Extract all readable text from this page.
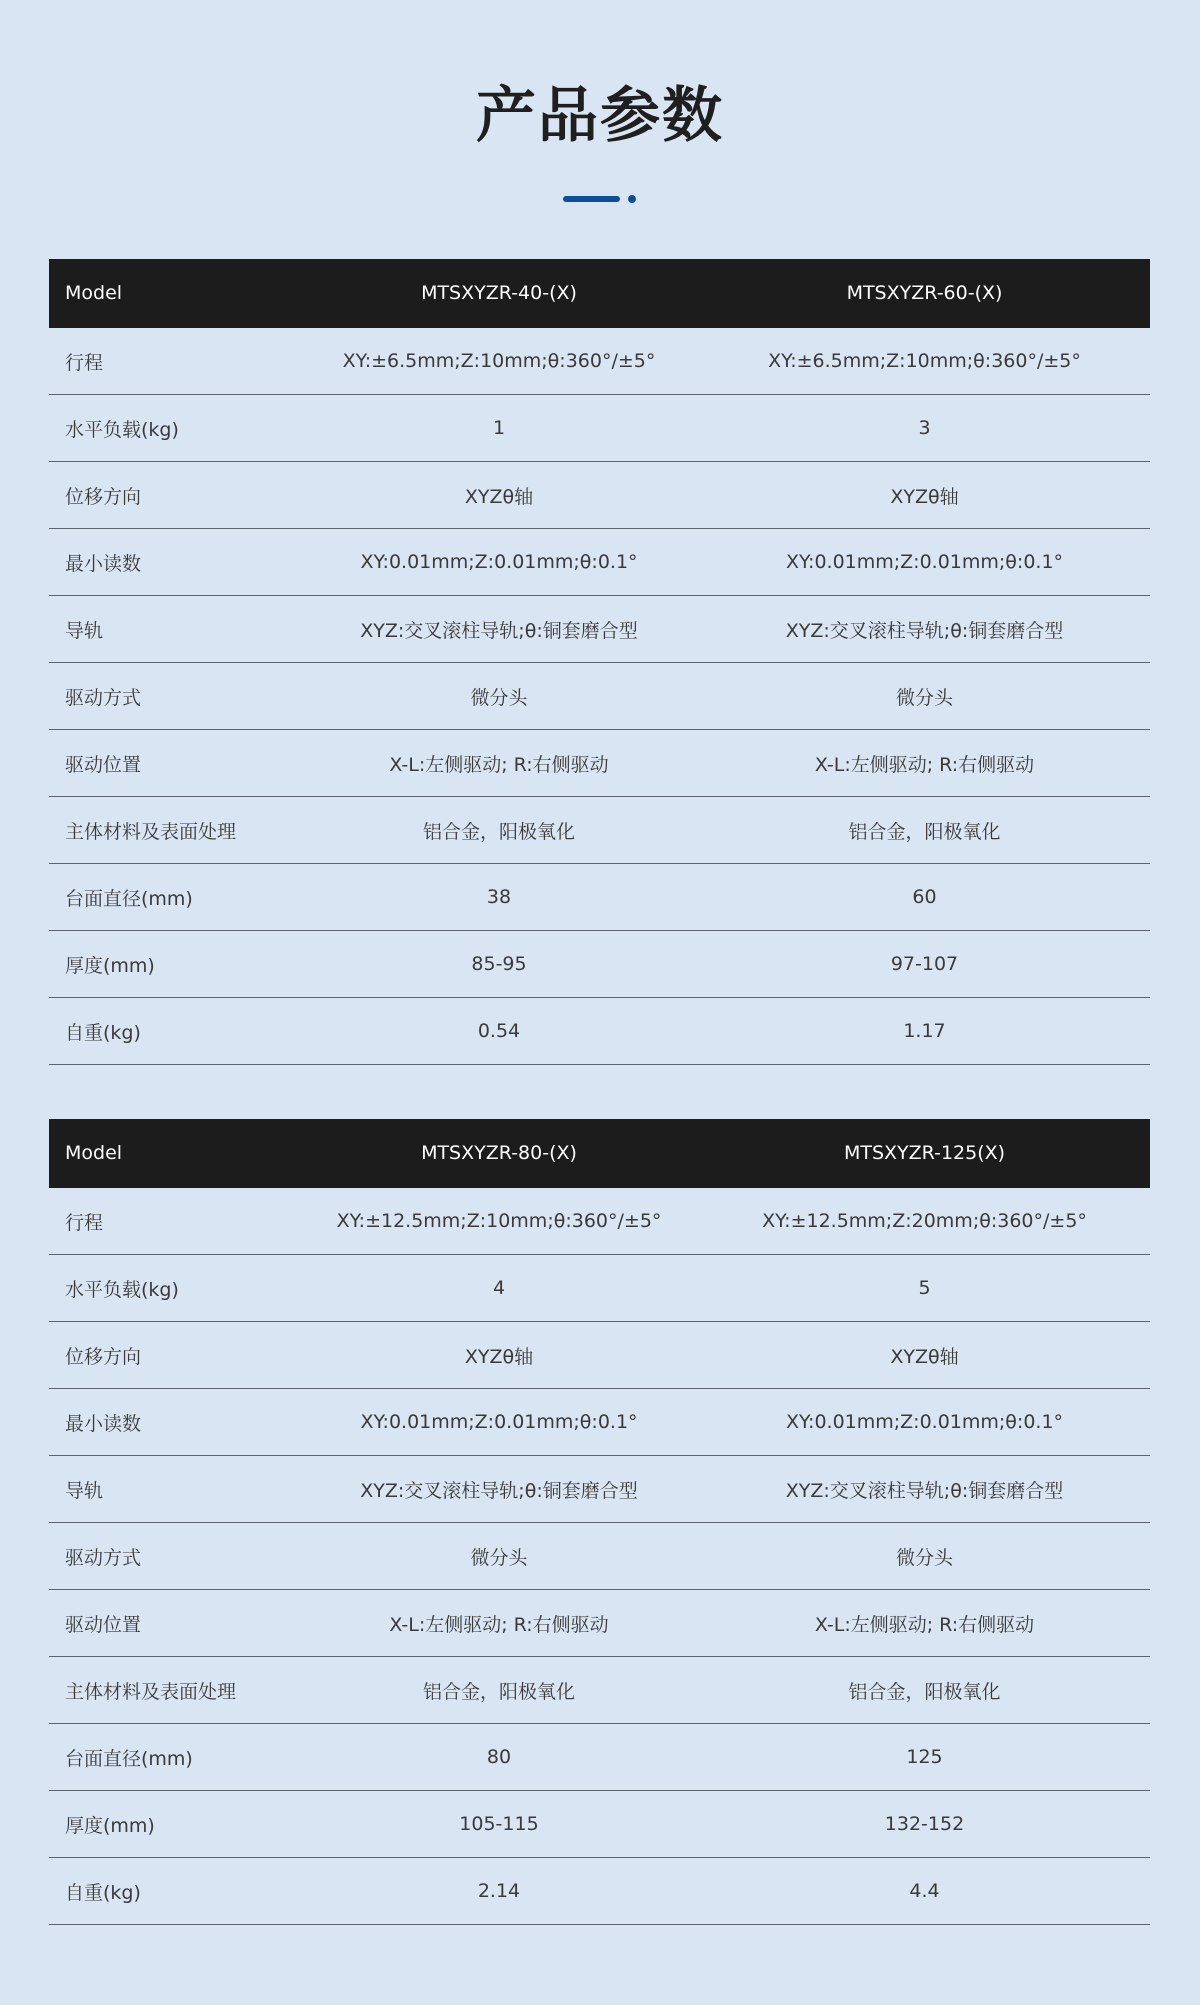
产品参数
Model	MTSXYZR-40-(X)	MTSXYZR-60-(X)
行程	XY:±6.5mm;Z:10mm;θ:360°/±5°	XY:±6.5mm;Z:10mm;θ:360°/±5°
水平负载(kg)	1	3
位移方向	XYZθ轴	XYZθ轴
最小读数	XY:0.01mm;Z:0.01mm;θ:0.1°	XY:0.01mm;Z:0.01mm;θ:0.1°
导轨	XYZ:交叉滚柱导轨;θ:铜套磨合型	XYZ:交叉滚柱导轨;θ:铜套磨合型
驱动方式	微分头	微分头
驱动位置	X-L:左侧驱动; R:右侧驱动	X-L:左侧驱动; R:右侧驱动
主体材料及表面处理	铝合金，阳极氧化	铝合金，阳极氧化
台面直径(mm)	38	60
厚度(mm)	85-95	97-107
自重(kg)	0.54	1.17
Model	MTSXYZR-80-(X)	MTSXYZR-125(X)
行程	XY:±12.5mm;Z:10mm;θ:360°/±5°	XY:±12.5mm;Z:20mm;θ:360°/±5°
水平负载(kg)	4	5
位移方向	XYZθ轴	XYZθ轴
最小读数	XY:0.01mm;Z:0.01mm;θ:0.1°	XY:0.01mm;Z:0.01mm;θ:0.1°
导轨	XYZ:交叉滚柱导轨;θ:铜套磨合型	XYZ:交叉滚柱导轨;θ:铜套磨合型
驱动方式	微分头	微分头
驱动位置	X-L:左侧驱动; R:右侧驱动	X-L:左侧驱动; R:右侧驱动
主体材料及表面处理	铝合金，阳极氧化	铝合金，阳极氧化
台面直径(mm)	80	125
厚度(mm)	105-115	132-152
自重(kg)	2.14	4.4
